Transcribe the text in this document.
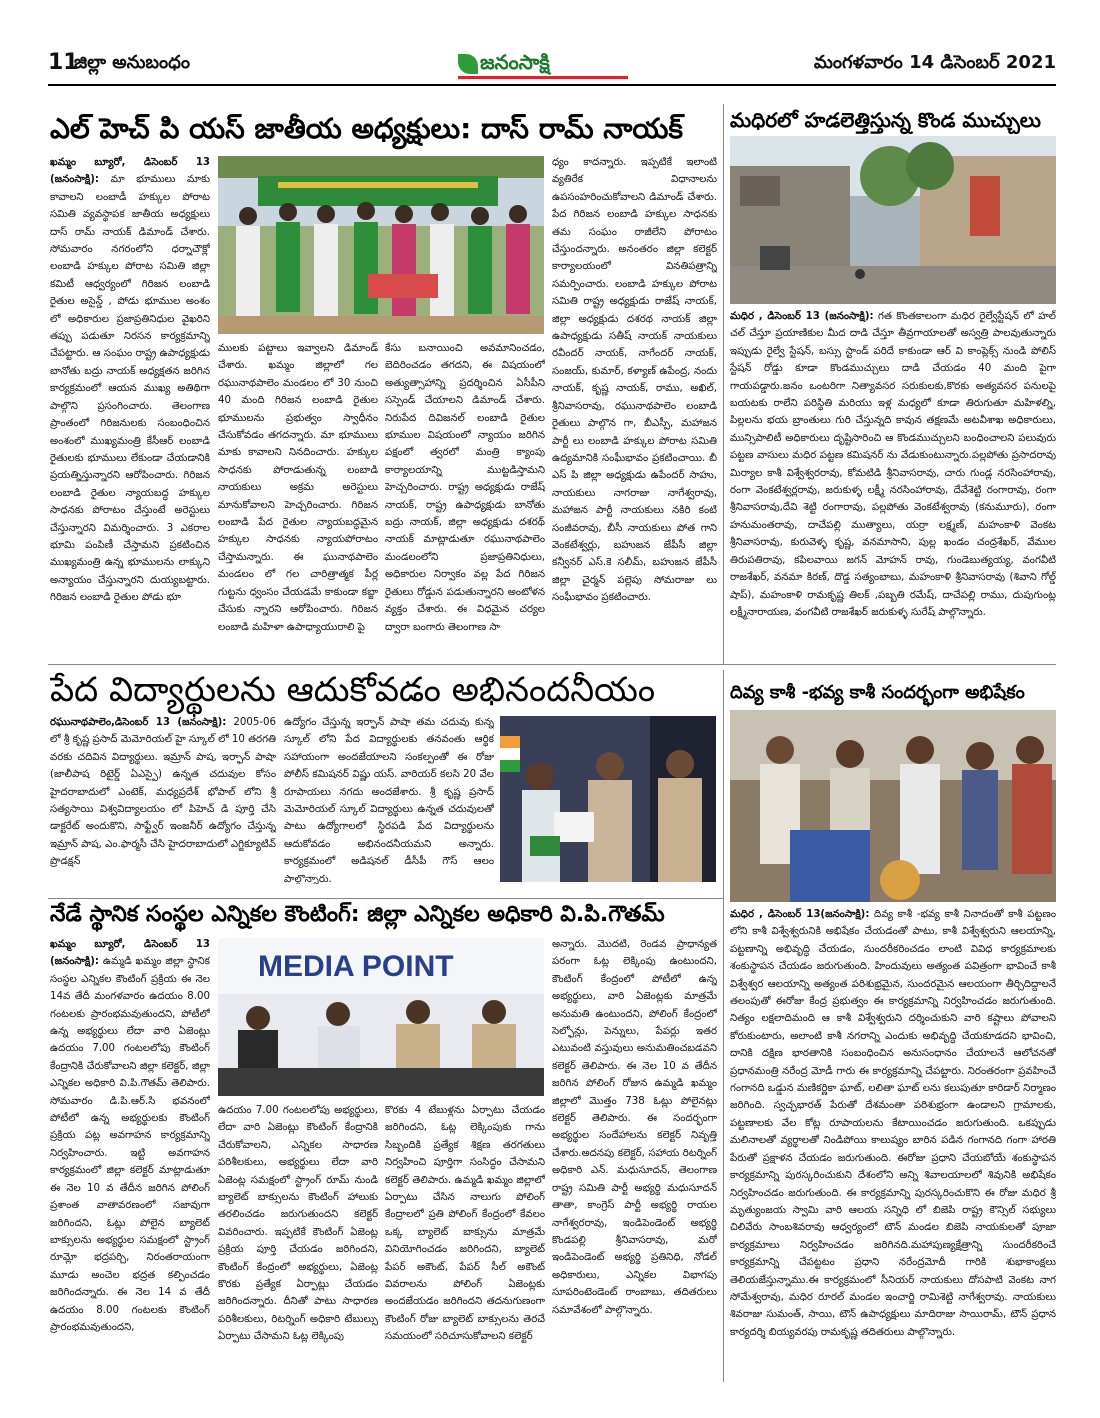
11
జిల్లా అనుబంధం	జనంసాక్షి	మంగళవారం 14 డిసెంబర్ 2021
ఎల్ హెచ్ పి యస్ జాతీయ అధ్యక్షులు: దాస్ రామ్ నాయక్
ఖమ్మం బ్యూరో, డిసెంబర్ 13 (జనంసాక్షి): మా భూములు మాకు కావాలని లంబాడీ హక్కుల పోరాట సమితి వ్యవస్థాపక జాతీయ అధ్యక్షులు దాస్ రామ్ నాయక్ డిమాండ్ చేశారు. సోమవారం నగరంలోని ధర్నాచౌక్లో లంబాడి హక్కుల పోరాట సమితి జిల్లా కమిటీ ఆధ్వర్యంలో గిరిజన లంబాడి రైతుల అసైన్డ్ , పోడు భూముల అంశం లో అధికారుల ప్రజాప్రతినిధుల వైఖరిని తప్పు పడుతూ నిరసన కార్యక్రమాన్ని చేపట్టారు. ఆ సంఘం రాష్ట్ర ఉపాధ్యక్షుడు బానోతు బద్రు నాయక్ అధ్యక్షతన జరిగిన కార్యక్రమంలో ఆయన ముఖ్య అతిథిగా పాల్గొని ప్రసంగించారు. తెలంగాణ ప్రాంతంలో గిరిజనులకు సంబంధించిన అంశంలో ముఖ్యమంత్రి కేసీఆర్ లంబాడి రైతులకు భూములు లేకుండా చేయడానికి ప్రయత్నిస్తున్నారని ఆరోపించారు. గిరిజన లంబాడి రైతుల న్యాయబద్ధ హక్కుల సాధనకు పోరాటం చేస్తుంటే అరెస్టులు చేస్తున్నారని విమర్శించారు. 3 ఎకరాల భూమి పంపిణీ చేస్తామని ప్రకటించిన ముఖ్యమంత్రి ఉన్న భూములను లాక్కుని అన్యాయం చేస్తున్నారని దుయ్యబట్టారు. గిరిజన లంబాడి రైతుల పోడు భూ
ములకు పట్టాలు ఇవ్వాలని డిమాండ్ చేశారు. ఖమ్మం జిల్లాలో గల రఘునాథపాలెం మండలం లో 30 నుంచి 40 మంది గిరిజన లంబాడి రైతుల భూములను ప్రభుత్వం స్వాధీనం చేసుకోవడం తగదన్నారు. మా భూములు మాకు కావాలని నినదించారు. హక్కుల సాధనకు పోరాడుతున్న లంబాడి నాయకులు అక్రమ అరెస్టులు మానుకోవాలని హెచ్చరించారు. గిరిజన లంబాడి పేద రైతుల న్యాయబద్ధమైన హక్కుల సాధనకు న్యాయపోరాటం చేస్తామన్నారు. ఈ ఘునాథపాలెం మండలం లో గల చారిత్రాత్మక పీర్ల గుట్టను ధ్వంసం చేయడమే కాకుండా కబ్జా చేసుకు న్నారని ఆరోపించారు. గిరిజన లంబాడి మహిళా ఉపాధ్యాయురాలి పై
కేసు బనాయించి అవమానించడం, బెదిరించడం తగదని, ఈ విషయంలో అత్యుత్సాహాన్ని ప్రదర్శించిన ఏసీపీని సస్పెండ్ చేయాలని డిమాండ్ చేశారు. నిరుపేద దివిజనల్ లంబాడి రైతుల భూముల విషయంలో న్యాయం జరిగిన పక్షంలో త్వరలో మంత్రి క్యాంపు కార్యాలయాన్ని ముట్టడిస్తామని హెచ్చరించారు. రాష్ట్ర అధ్యక్షుడు రాజేష్ నాయక్, రాష్ట్ర ఉపాధ్యక్షుడు బానోతు బద్రు నాయక్, జిల్లా అధ్యక్షుడు దశరథ్ నాయక్ మాట్లాడుతూ రఘునాథపాలెం మండలంలోని ప్రజాప్రతినిధులు, అధికారుల నిర్వాకం వల్ల పేద గిరిజన రైతులు రోడ్డున పడుతున్నారని అంటోళన వ్యక్తం చేశారు. ఈ విధమైన చర్యల ద్వారా బంగారు తెలంగాణ సా
ధ్యం కాదన్నారు. ఇప్పటికే ఇలాంటి వ్యతిరేక విధానాలను ఉపసంహరించుకోవాలని డిమాండ్ చేశారు. పేద గిరిజన లంబాడి హక్కుల సాధనకు తమ సంఘం రాజీలేని పోరాటం చేస్తుందన్నారు. అనంతరం జిల్లా కలెక్టర్ కార్యాలయంలో వినతిపత్రాన్ని సమర్పించారు. లంబాడి హక్కుల పోరాట సమితి రాష్ట్ర అధ్యక్షుడు రాజేష్ నాయక్, జిల్లా అధ్యక్షుడు దశరథ నాయక్ జిల్లా ఉపాధ్యక్షుడు సతీష్ నాయక్ నాయకులు రవీందర్ నాయక్, నాగేందర్ నాయక్, సంజయ్, కుమార్, కళ్యాణ్ ఉపేంద్ర, నందు నాయక్, కృష్ణ నాయక్, రాము, అఖిల్, శ్రీనివాసరావు, రఘునాథపాలెం లంబాడి రైతులు పాల్గొన గా, బీఎస్పీ, మహాజన పార్టీ లు లంబాడి హక్కుల పోరాట సమితి ఉద్యమానికి సంఘీభావం ప్రకటించాయి. బీ ఎస్ పి జిల్లా అధ్యక్షుడు ఉపేందర్ సాహు, నాయకులు నాగరాజు నాగేశ్వరావు, మహాజన పార్టీ నాయకులు నకిరి కంటి సంజీవరావు, బీసీ నాయకులు పోత గాని వెంకటేశ్వర్లు, బహుజన జేపీసీ జిల్లా కన్వీనర్ ఎస్.కె సలీమ్, బహుజన జేపీసీ జిల్లా చైర్మన్ పల్లెపు సోమరాజు లు సంఘీభావం ప్రకటించారు.
మధిరలో హడలెత్తిస్తున్న కొండ ముచ్చులు
మధిర , డిసెంబర్ 13 (జనంసాక్షి): గత కొంతకాలంగా మధిర రైల్వేస్టేషన్ లో హల్ చల్ చేస్తూ ప్రయాణికుల మీద దాడి చేస్తూ తీవ్రగాయాలతో అస్వత్రి పాలవుతున్నారు ఇప్పుడు రైల్వే స్టేషన్, బస్సు స్టాండ్ పరిదే కాకుండా ఆర్ వి కాంప్లెక్స్ నుండి పోలిస్ స్టేషన్ రోడ్డు కూడా కొండముచ్చులు దాడి చేయడం 40 మంది పైగా గాయపడ్డారు.జనం ఒంటరిగా నిత్యావసర సరుకులకు,కొరకు అత్యవసర పనులపై బయటకు రాలేని పరిస్థితి మరియు ఇళ్ల మధ్యలో కూడా తిరుగుతూ మహిళల్ని, పిల్లలను భయ బ్రాంతులు గురి చేస్తున్నది కావున తక్షణమే అటవీశాఖ అధికారులు, మున్సిపాలిటీ అధికారులు దృష్టిసారించి ఆ కొండముచ్చులని బంధించాలని పలువురు పట్టణ వాసులు మధిర పట్టణ కమిషనర్ ను వేడుకుంటున్నారు.పల్లపోతు ప్రసాదరావు మిర్యాల కాశీ విశ్వేశ్వరరావు, కోమటిడి శ్రీనివాసరావు, చారు గుండ్ల నరసింహారావు, రంగా వెంకటేశ్వర్లరావు, జరుకుళ్ళ లక్ష్మీ నరసింహారావు, దేవేశెట్టి రంగారావు, రంగా శ్రీనివాసరావు,దేవి శెట్టి రంగారావు, పల్లపోతు వెంకటేశ్వరావు (కనుమూరు), రంగా హనుమంతరావు, దాచేపల్లి ముత్యాలు, యర్రా లక్ష్మణ్, మహంకాళి వెంకట శ్రీనివాసరావు, కురువెళ్ళ కృష్ణ, వనమాసాని, పుల్ల ఖండం చంద్రశేఖర్, వేముల తిరుపతిరావు, కపిలవాయి జగన్ మోహన్ రావు, గుండెబుత్యయ్య, వంగవీటి రాజశేఖర్, వనమా కిరణ్, దొడ్డ సత్యంబాబు, మహంకాళి శ్రీనివాసరావు (శివాని గోల్డ్ షాప్), మహంకాళి రామకృష్ణ తిలక్ ,పబ్బతి రమేష్, దాచేపల్లి రాము, దుపుగుంట్ల లక్ష్మీనారాయణ, వంగవీటి రాజశేఖర్ జరుకుళ్ళ సురేష్ పాల్గొన్నారు.
పేద విద్యార్థులను ఆదుకోవడం అభినందనీయం
రఘునాథపాలెం,డిసెంబర్ 13 (జనంసాక్షి): 2005-06 లో శ్రీ కృష్ణ ప్రసాద్ మెమోరియల్ హై స్కూల్ లో 10 తరగతి వరకు చదివిన విద్యార్థులు. ఇమ్రాన్ పాష, ఇర్ఫాన్ పాషా (జాలీపాష రిటైర్డ్ ఏఎస్పై) ఉన్నత చదువుల కోసం హైదరాబాదులో ఎంటెక్, మధ్యప్రదేశ్ భోపాల్ లోని శ్రీ సత్యసాయి విశ్వవిద్యాలయం లో పిహెచ్ డి పూర్తి చేసి డాక్టరేట్ అందుకొని, సాఫ్ట్వేర్ ఇంజనీర్ ఉద్యోగం చేస్తున్న ఇమ్రాన్ పాష, ఎం.ఫార్మసీ చేసి హైదరాబాదులో ఎగ్జిక్యూటివ్ ప్రొడక్షన్
ఉద్యోగం చేస్తున్న ఇర్ఫాన్ పాషా తమ చదువు కున్న స్కూల్ లోని పేద విద్యార్థులకు తనవంతు ఆర్థిక సహాయంగా అందజేయాలని సంకల్పంతో ఈ రోజు పోలీస్ కమిషనర్ విష్ణు యస్. వారియర్ కలసి 20 వేల రూపాయలు నగదు అందజేశారు. శ్రీ కృష్ణ ప్రసాద్ మెమోరియల్ స్కూల్ విద్యార్థులు ఉన్నత చదువులతో పాటు ఉద్యోగాలలో స్థిరపడి పేద విద్యార్థులను ఆదుకోవడం అభినందనీయమని అన్నారు. కార్యక్రమంలో అడిషనల్ డీసీపీ గౌస్ ఆలం పాల్గొన్నారు.
దివ్య కాశీ -భవ్య కాశీ సందర్భంగా అభిషేకం
మధిర , డిసెంబర్ 13(జనంసాక్షి): దివ్య కాశీ -భవ్య కాశీ నినాదంతో కాశీ పట్టణం లోని కాశీ విశ్వేశ్వరునికి అభిషేకం చేయడంతో పాటు, కాశీ విశ్వేశ్వరుని ఆలయాన్ని, పట్టణాన్ని అభివృద్ధి చేయడం, సుందరీకరించడం లాంటి వివిధ కార్యక్రమాలకు శంకుస్థాపన చేయడం జరుగుతుంది. హిందువులు అత్యంత పవిత్రంగా భావించే కాశీ విశ్వేశ్వర ఆలయాన్ని అత్యంత పరిశుభ్రమైన, సుందరమైన ఆలయంగా తీర్చిదిద్దాలనే తలంపుతో ఈరోజు కేంద్ర ప్రభుత్వం ఈ కార్యక్రమాన్ని నిర్వహించడం జరుగుతుంది. నిత్యం లక్షలాదిమంది ఆ కాశీ విశ్వేశ్వరుని దర్శించుకుని వారి కష్టాలు పోవాలని కోరుకుంటారు, అలాంటి కాశీ నగరాన్ని ఎందుకు అభివృద్ధి చేయకూడదని భావించి, దానికి దక్షిణ భారతానికి సంబంధించిన అనుసంధానం చేయాలనే ఆలోచనతో ప్రధానమంత్రి నరేంద్ర మోడీ గారు ఈ కార్యక్రమాన్ని చేపట్టారు. నిరంతరంగా ప్రవహించే గంగానది ఒడ్డున మణికర్ణికా ఘాట్, లలితా ఘాట్ లను కలుపుతూ కారిడార్ నిర్మాణం జరిగింది. స్వచ్ఛభారత్ పేరుతో దేశమంతా పరిశుభ్రంగా ఉండాలని గ్రామాలకు, పట్టణాలకు వేల కోట్ల రూపాయలను కేటాయించడం జరుగుతుంది. ఒకప్పుడు మలినాలతో వ్యర్థాలతో నిండిపోయి కాలుష్యం బారిన పడిన గంగానది గంగా హారతి పేరుతో ప్రక్షాళన చేయడం జరుగుతుంది. ఈరోజు ప్రధాని చేయబోయే శంకుస్థాపన కార్యక్రమాన్ని పురస్కరించుకుని దేశంలోని అన్ని శివాలయాలలో శివునికి అభిషేకం నిర్వహించడం జరుగుతుంది. ఈ కార్యక్రమాన్ని పురస్కరించుకొని ఈ రోజు మధిర శ్రీ మృత్యుంజయ స్వామి వారి ఆలయ సన్నిధి లో బిజెపి రాష్ట్ర కౌన్సిల్ సభ్యులు చిలివేరు సాంబశివరావు ఆధ్వర్యంలో టౌన్ మండల బిజెపి నాయకులతో పూజా కార్యక్రమాలు నిర్వహించడం జరిగినది.మహాపుణ్యక్షేత్రాన్ని సుందరీకరించే కార్యక్రమాన్ని చేపట్టటం ప్రధాని నరేంద్రమోదీ గారికి శుభాకాంక్షలు తెలియజేస్తున్నాము.ఈ కార్యక్రమంలో సీనియర్ నాయకులు దోసపాటి వెంకట నాగ సోమేశ్వరావు, మధిర రూరల్ మండల ఇంచార్జి రామిశెట్టి నాగేశ్వరావు. నాయకులు శివరాజు సుమంత్, సాయి, టౌన్ ఉపాధ్యక్షులు మాదిరాజు సాయిరామ్, టౌన్ ప్రధాన కార్యదర్శి బియ్యవరపు రామకృష్ణ తదితరులు పాల్గొన్నారు.
నేడే స్థానిక సంస్థల ఎన్నికల కౌంటింగ్: జిల్లా ఎన్నికల అధికారి వి.పి.గౌతమ్
ఖమ్మం బ్యూరో, డిసెంబర్ 13 (జనంసాక్షి): ఉమ్మడి ఖమ్మం జిల్లా స్థానిక సంస్థల ఎన్నికల కౌంటింగ్ ప్రక్రియ ఈ నెల 14వ తేదీ మంగళవారం ఉదయం 8.00 గంటలకు ప్రారంభమవుతుందని, పోటీలో ఉన్న అభ్యర్థులు లేదా వారి ఏజెంట్లు ఉదయం 7.00 గంటలలోపు కౌంటింగ్ కేంద్రానికి చేరుకోవాలని జిల్లా కలెక్టర్, జిల్లా ఎన్నికల అధికారి వి.పి.గౌతమ్ తెలిపారు. సోమవారం డి.పి.ఆర్.సి భవనంలో పోటీలో ఉన్న అభ్యర్థులకు కౌంటింగ్ ప్రక్రియ పట్ల అవగాహన కార్యక్రమాన్ని నిర్వహించారు. ఇట్టి అవగాహన కార్యక్రమంలో జిల్లా కలెక్టర్ మాట్లాడుతూ ఈ నెల 10 వ తేదీన జరిగిన పోలింగ్ ప్రశాంత వాతావరణంలో సజావుగా జరిగిందని, ఓట్లు పోలైన బ్యాలెట్ బాక్సులను అభ్యర్థుల సమక్షంలో స్ట్రాంగ్ రూమ్లో భద్రపర్చి, నిరంతరాయంగా మూడు అంచెల భద్రత కల్పించడం జరిగిందన్నారు. ఈ నెల 14 వ తేదీ ఉదయం 8.00 గంటలకు కౌంటింగ్ ప్రారంభమవుతుందని,
MEDIA POINT
ఉదయం 7.00 గంటలలోపు అభ్యర్థులు, లేదా వారి ఏజెంట్లు కౌంటింగ్ కేంద్రానికి చేరుకోవాలని, ఎన్నికల సాధారణ పరిశీలకులు, అభ్యర్థులు లేదా వారి ఏజెంట్ల సమక్షంలో స్ట్రాంగ్ రూమ్ నుండి బ్యాలెట్ బాక్సులను కౌంటింగ్ హాలుకు తరలించడం జరుగుతుందని కలెక్టర్ వివరించారు. ఇప్పటికే కౌంటింగ్ ఏజెంట్ల ప్రక్రియ పూర్తి చేయడం జరిగిందని, కౌంటింగ్ కేంద్రంలో అభ్యర్థులు, ఏజెంట్ల కొరకు ప్రత్యేక ఏర్పాట్లు చేయడం జరిగిందన్నారు. దీనితో పాటు సాధారణ పరిశీలకులు, రిటర్నింగ్ అధికారి టేబుల్సు ఏర్పాటు చేసామని ఓట్ల లెక్కింపు
కొరకు 4 టేబుళ్లను ఏర్పాటు చేయడం జరిగిందని, ఓట్ల లెక్కింపుకు గాను సిబ్బందికి ప్రత్యేక శిక్షణ తరగతులు నిర్వహించి పూర్తిగా సంసిద్ధం చేసామని కలెక్టర్ తెలిపారు. ఉమ్మడి ఖమ్మం జిల్లాలో ఏర్పాటు చేసిన నాలుగు పోలింగ్ కేంద్రాలలో ప్రతి పోలింగ్ కేంద్రంలో కేవలం ఒక్క బ్యాలెట్ బాక్సును మాత్రమే వినియోగించడం జరిగిందని, బ్యాలెట్ పేపర్ అకౌంట్, పేపర్ సీల్ అకౌంట్ వివరాలను పోలింగ్ ఏజెంట్లకు అందజేయడం జరిగిందని తదనుగుణంగా కౌంటింగ్ రోజు బ్యాలెట్ బాక్సులను తెరచే సమయంలో సరిచూసుకోవాలని కలెక్టర్
అన్నారు. మొదటి, రెండవ ప్రాధాన్యత పరంగా ఓట్ల లెక్కింపు ఉంటుందని, కౌంటింగ్ కేంద్రంలో పోటీలో ఉన్న అభ్యర్థులు, వారి ఏజెంట్లకు మాత్రమే అనుమతి ఉంటుందని, పోలింగ్ కేంద్రంలో సెల్ఫోన్లు, పెన్నులు, పేపర్లు ఇతర ఎటువంటి వస్తువులు అనుమతించబడవని కలెక్టర్ తెలిపారు. ఈ నెల 10 వ తేదీన జరిగిన పోలింగ్ రోజున ఉమ్మడి ఖమ్మం జిల్లాలో మొత్తం 738 ఓట్లు పోలైనట్లు కలెక్టర్ తెలిపారు. ఈ సందర్భంగా అభ్యర్థుల సందేహాలను కలెక్టర్ నివృత్తి చేశారు.అదనపు కలెక్టర్, సహాయ రిటర్నింగ్ అధికారి ఎన్. మధుసూదన్, తెలంగాణ రాష్ట్ర సమితి పార్టీ అభ్యర్థి మధుసూదన్ తాతా, కాంగ్రెస్ పార్టీ అభ్యర్థి రాయల నాగేశ్వరరావు, ఇండిపెండెంట్ అభ్యర్థి కొండపల్లి శ్రీనివాసరావు, మరో ఇండిపెండెంట్ అభ్యర్థి ప్రతినిధి, నోడల్ అధికారులు, ఎన్నికల విభాగపు సూపరింటెండెంట్ రాంబాబు, తదితరులు సమావేశంలో పాల్గొన్నారు.
